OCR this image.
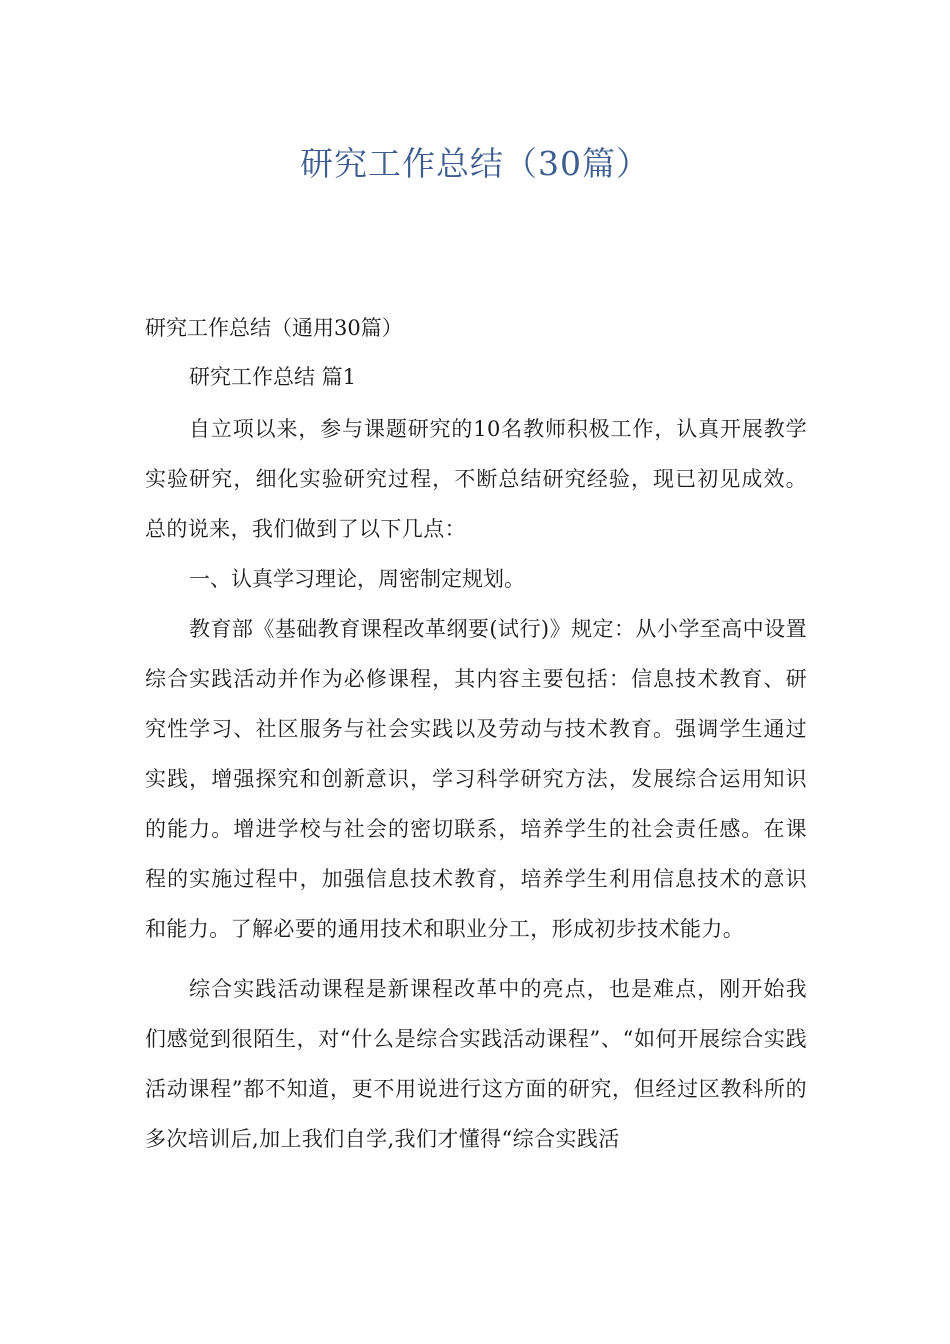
研究工作总结（30篇）

研究工作总结（通用30篇）

研究工作总结 篇1

自立项以来，参与课题研究的10名教师积极工作，认真开展教学实验研究，细化实验研究过程，不断总结研究经验，现已初见成效。总的说来，我们做到了以下几点：

一、认真学习理论，周密制定规划。

教育部《基础教育课程改革纲要(试行)》规定：从小学至高中设置综合实践活动并作为必修课程，其内容主要包括：信息技术教育、研究性学习、社区服务与社会实践以及劳动与技术教育。强调学生通过实践，增强探究和创新意识，学习科学研究方法，发展综合运用知识的能力。增进学校与社会的密切联系，培养学生的社会责任感。在课程的实施过程中，加强信息技术教育，培养学生利用信息技术的意识和能力。了解必要的通用技术和职业分工，形成初步技术能力。

综合实践活动课程是新课程改革中的亮点，也是难点，刚开始我们感觉到很陌生，对“什么是综合实践活动课程”、“如何开展综合实践活动课程”都不知道，更不用说进行这方面的研究，但经过区教科所的多次培训后,加上我们自学,我们才懂得“综合实践活
